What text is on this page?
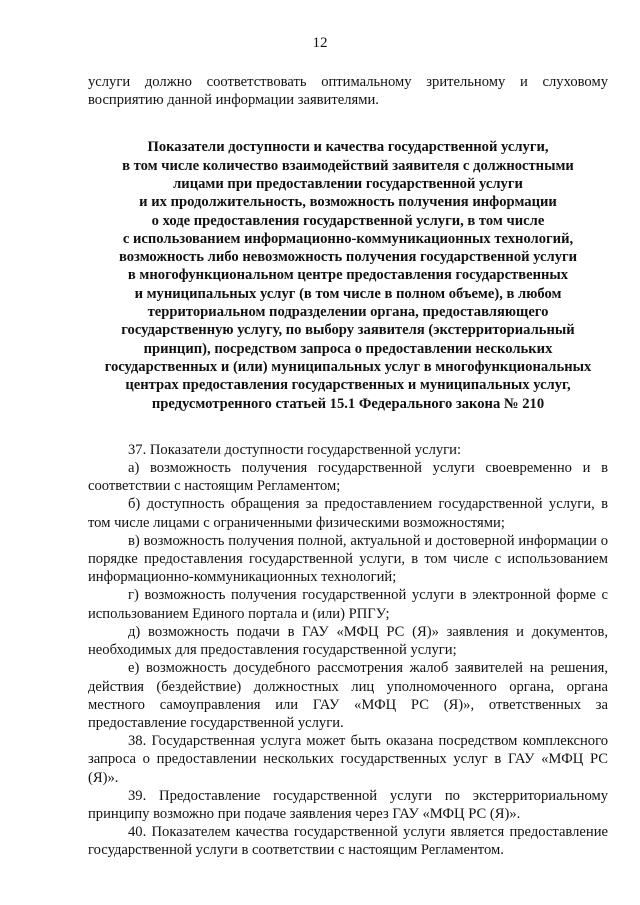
12

услуги должно соответствовать оптимальному зрительному и слуховому восприятию данной информации заявителями.

Показатели доступности и качества государственной услуги,
в том числе количество взаимодействий заявителя с должностными
лицами при предоставлении государственной услуги
и их продолжительность, возможность получения информации
о ходе предоставления государственной услуги, в том числе
с использованием информационно-коммуникационных технологий,
возможность либо невозможность получения государственной услуги
в многофункциональном центре предоставления государственных
и муниципальных услуг (в том числе в полном объеме), в любом
территориальном подразделении органа, предоставляющего
государственную услугу, по выбору заявителя (экстерриториальный
принцип), посредством запроса о предоставлении нескольких
государственных и (или) муниципальных услуг в многофункциональных
центрах предоставления государственных и муниципальных услуг,
предусмотренного статьей 15.1 Федерального закона № 210

37. Показатели доступности государственной услуги:

а) возможность получения государственной услуги своевременно и в соответствии с настоящим Регламентом;

б) доступность обращения за предоставлением государственной услуги, в том числе лицами с ограниченными физическими возможностями;

в) возможность получения полной, актуальной и достоверной информации о порядке предоставления государственной услуги, в том числе с использованием информационно-коммуникационных технологий;

г) возможность получения государственной услуги в электронной форме с использованием Единого портала и (или) РПГУ;

д) возможность подачи в ГАУ «МФЦ РС (Я)» заявления и документов, необходимых для предоставления государственной услуги;

е) возможность досудебного рассмотрения жалоб заявителей на решения, действия (бездействие) должностных лиц уполномоченного органа, органа местного самоуправления или ГАУ «МФЦ РС (Я)», ответственных за предоставление государственной услуги.

38. Государственная услуга может быть оказана посредством комплексного запроса о предоставлении нескольких государственных услуг в ГАУ «МФЦ РС (Я)».

39. Предоставление государственной услуги по экстерриториальному принципу возможно при подаче заявления через ГАУ «МФЦ РС (Я)».

40. Показателем качества государственной услуги является предоставление государственной услуги в соответствии с настоящим Регламентом.
